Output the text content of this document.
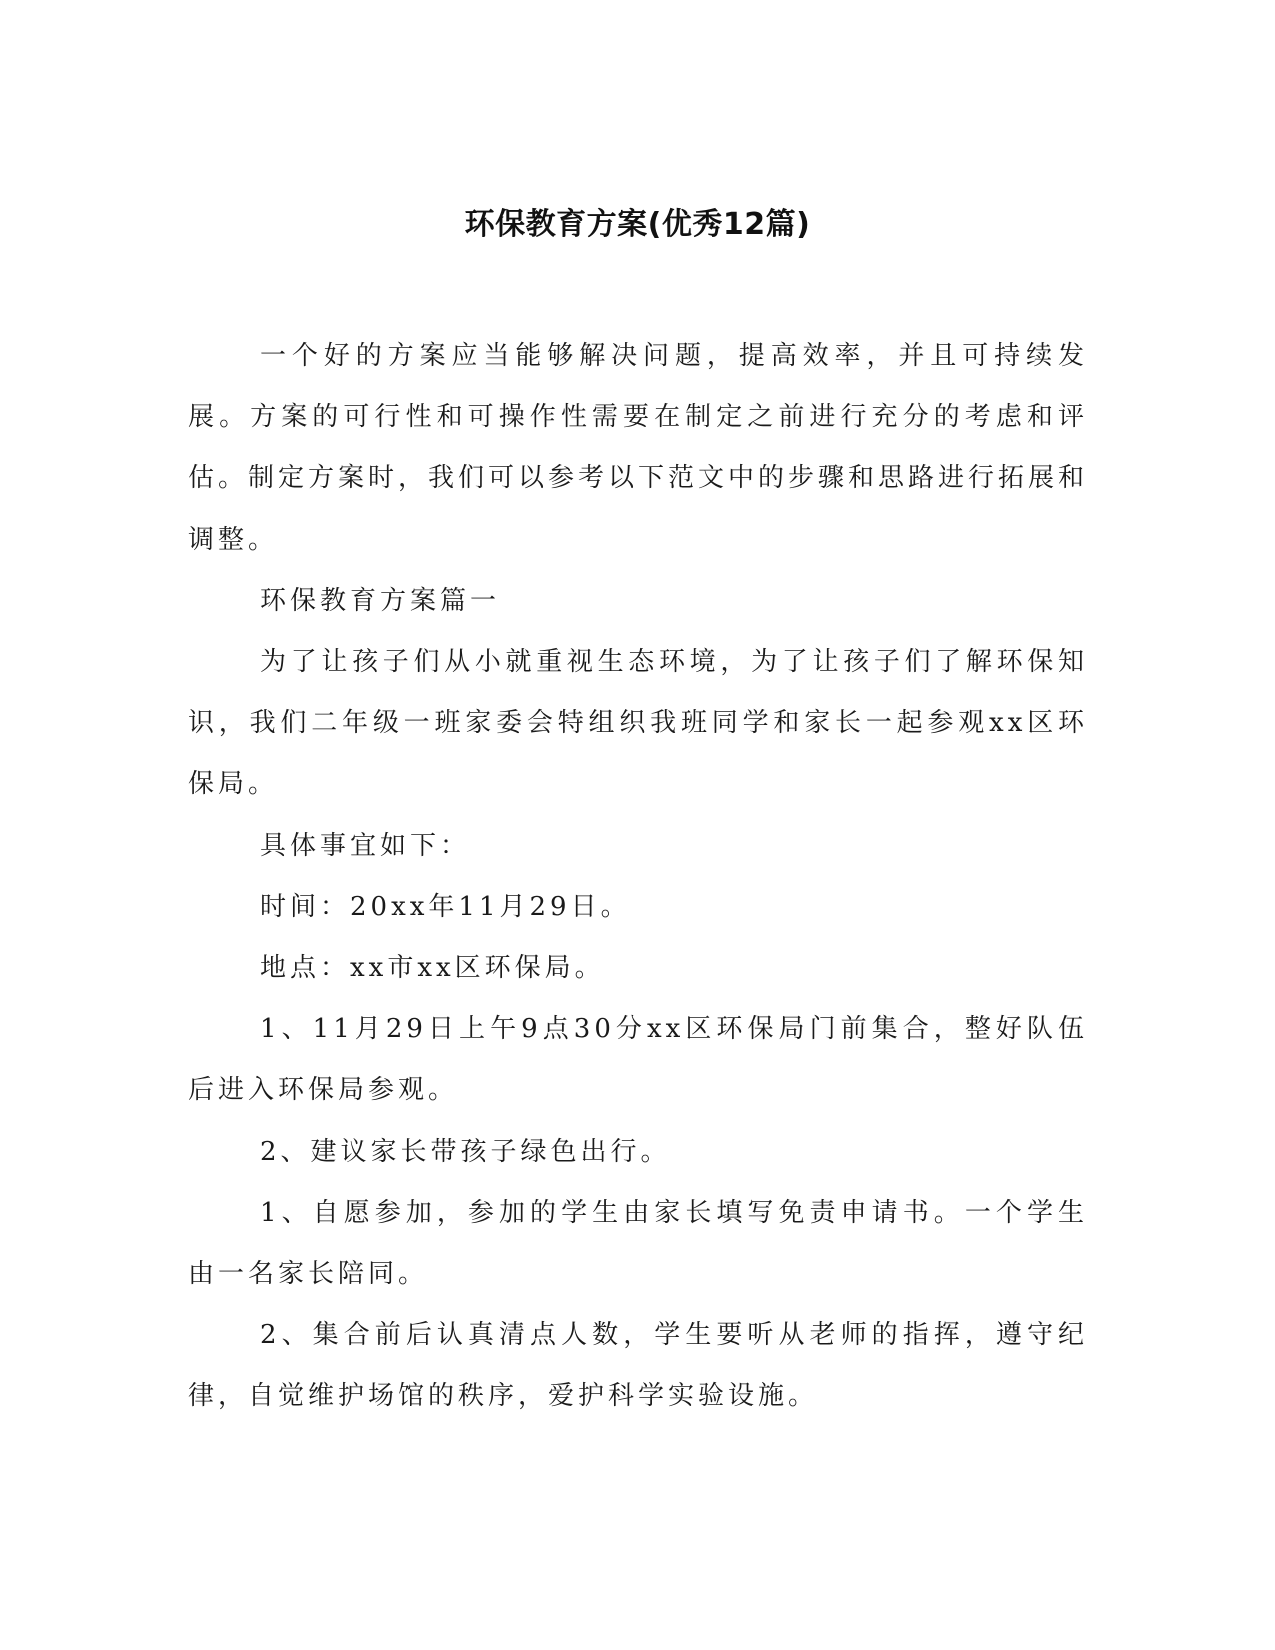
环保教育方案(优秀12篇)

一个好的方案应当能够解决问题，提高效率，并且可持续发展。方案的可行性和可操作性需要在制定之前进行充分的考虑和评估。制定方案时，我们可以参考以下范文中的步骤和思路进行拓展和调整。

环保教育方案篇一

为了让孩子们从小就重视生态环境，为了让孩子们了解环保知识，我们二年级一班家委会特组织我班同学和家长一起参观xx区环保局。

具体事宜如下：

时间：20xx年11月29日。

地点：xx市xx区环保局。

1、11月29日上午9点30分xx区环保局门前集合，整好队伍后进入环保局参观。

2、建议家长带孩子绿色出行。

1、自愿参加，参加的学生由家长填写免责申请书。一个学生由一名家长陪同。

2、集合前后认真清点人数，学生要听从老师的指挥，遵守纪律，自觉维护场馆的秩序，爱护科学实验设施。
